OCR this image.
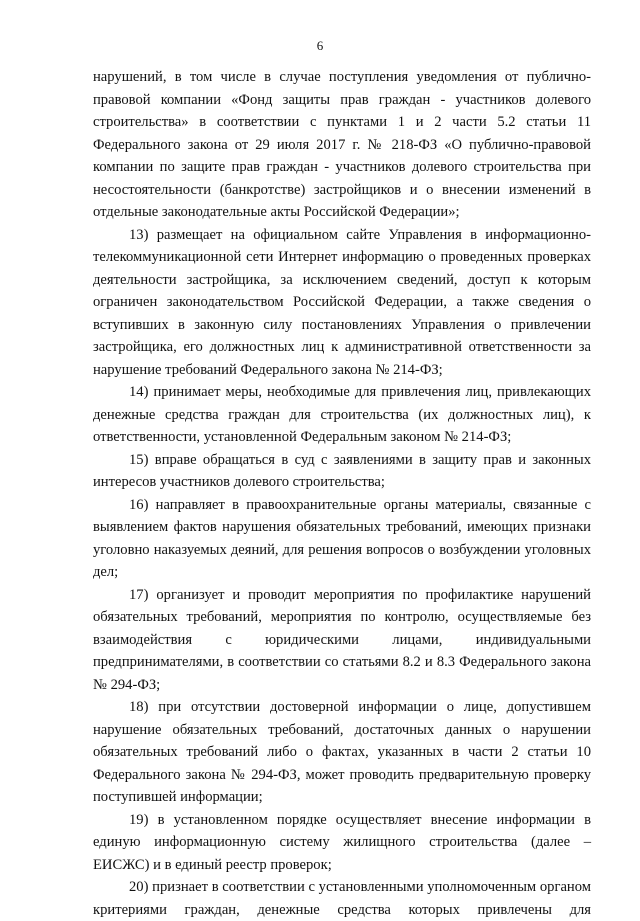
6

нарушений, в том числе в случае поступления уведомления от публично-правовой компании «Фонд защиты прав граждан - участников долевого строительства» в соответствии с пунктами 1 и 2 части 5.2 статьи 11 Федерального закона от 29 июля 2017 г. № 218-ФЗ «О публично-правовой компании по защите прав граждан - участников долевого строительства при несостоятельности (банкротстве) застройщиков и о внесении изменений в отдельные законодательные акты Российской Федерации»;

13) размещает на официальном сайте Управления в информационно-телекоммуникационной сети Интернет информацию о проведенных проверках деятельности застройщика, за исключением сведений, доступ к которым ограничен законодательством Российской Федерации, а также сведения о вступивших в законную силу постановлениях Управления о привлечении застройщика, его должностных лиц к административной ответственности за нарушение требований Федерального закона № 214-ФЗ;

14) принимает меры, необходимые для привлечения лиц, привлекающих денежные средства граждан для строительства (их должностных лиц), к ответственности, установленной Федеральным законом № 214-ФЗ;

15) вправе обращаться в суд с заявлениями в защиту прав и законных интересов участников долевого строительства;

16) направляет в правоохранительные органы материалы, связанные с выявлением фактов нарушения обязательных требований, имеющих признаки уголовно наказуемых деяний, для решения вопросов о возбуждении уголовных дел;

17) организует и проводит мероприятия по профилактике нарушений обязательных требований, мероприятия по контролю, осуществляемые без взаимодействия с юридическими лицами, индивидуальными предпринимателями, в соответствии со статьями 8.2 и 8.3 Федерального закона № 294-ФЗ;

18) при отсутствии достоверной информации о лице, допустившем нарушение обязательных требований, достаточных данных о нарушении обязательных требований либо о фактах, указанных в части 2 статьи 10 Федерального закона № 294-ФЗ, может проводить предварительную проверку поступившей информации;

19) в установленном порядке осуществляет внесение информации в единую информационную систему жилищного строительства (далее – ЕИСЖС) и в единый реестр проверок;

20) признает в соответствии с установленными уполномоченным органом критериями граждан, денежные средства которых привлечены для
